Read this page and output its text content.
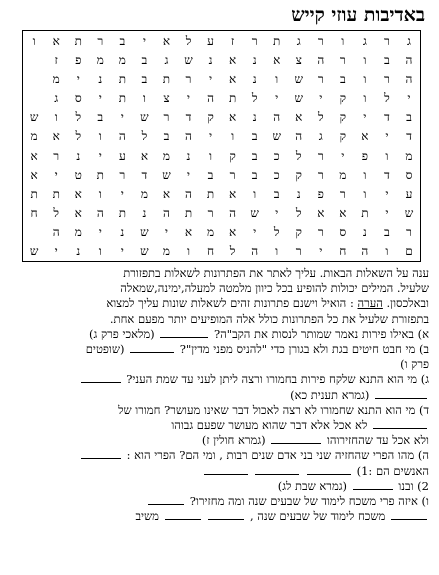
באדיבות עוזי קייש
ג	ר	ג	ו	ר	ג	ת	ר	ז	ע	ל	א	י	ב	ר	ת	א	ו
ה	ב	ו	ר	ה	צ	א	נ	א	נ	ש	ג	ב	מ	מ	פ	ז	
ה	ר	ו	ב	ר	ש	ו	נ	א	י	ר	ת	ב	ת	נ	י	מ	
י	ל	ו	ק	י	ש	י	ל	ת	ה	י	צ	ו	ת	י	ס	ג	
ב	ד	י	ק	ל	א	ה	נ	א	ק	ד	ר	ש	י	ב	ל	ו	ש
ד	י	א	ק	ג	ה	ש	ב	ו	י	ה	ב	ל	ה	ו	ל	א	מ
מ	ו	פ	י	ר	ל	כ	ב	ק	ו	נ	מ	א	ע	י	נ	ר	א
ס	ד	ו	מ	ר	ק	כ	ב	ר	ב	י	ש	ד	ר	ת	ט	י	א
ע	י	ו	ר	פ	נ	ב	ו	א	ת	ה	א	מ	י	ו	א	ת	ת
ש	י	ת	א	א	ל	י	ש	ה	ר	ת	ה	נ	ת	ה	א	ל	ח
ר	ב	נ	ס	ר	ק	ל	י	א	מ	א	י	ש	נ	י	מ	ה	
ם	ו	ה	ח	י	ר	ו	ה	ל	ח	ו	מ	ש	י	ו	נ	י	ש

ענה על השאלות הבאות. עליך לאתר את הפתרונות לשאלות בתפזורת
שלעיל. המילים יכולות להופיע בכל כיוון מלמטה למעלה,ימינה,שמאלה
ובאלכסון. הערה : הואיל וישנם פתרונות זהים לשאלות שונות עליך למצוא
בתפזורת שלעיל את כל הפתרונות כולל אלה המופיעים יותר מפעם אחת.

א) באילו פירות נאמר שמותר לנסות את הקב"ה?  (מלאכי פרק ג)

ב) מי חבט חיטים בגת ולא בגורן כדי "להניס מפני מדין"?  (שופטים
פרק ו)

ג) מי הוא התנא שלקח פירות בחמורו ורצה ליתן לעני עד שמת העני?
(גמרא תענית כא)

ד) מי הוא התנא שחמורו לא רצה לאכול דבר שאינו מעושר? חמורו של
לא אכל אלא דבר שהוא מעושר שפעם גבוהו
ולא אכל עד שהחזירוהו  (גמרא חולין ז)

ה) מהו הפרי שהחזיה שני בני אדם שנים רבות , ומי הם? הפרי הוא :
האנשים הם :1)
2) ובנו  (גמרא שבת לג)

ו) איזה פרי משכח לימוד של שבעים שנה ומה מחזירו?
משכח לימוד של שבעים שנה ,   משיב
